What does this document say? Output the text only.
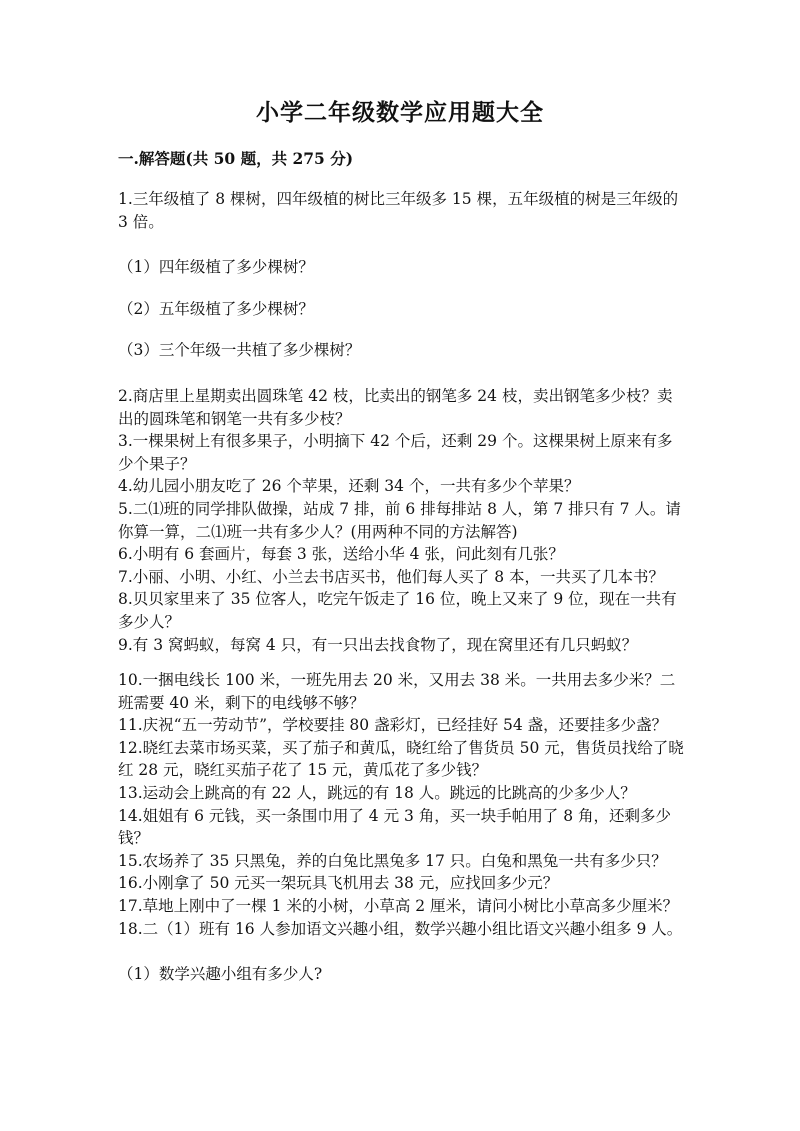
小学二年级数学应用题大全
一.解答题(共 50 题，共 275 分)

1.三年级植了 8 棵树，四年级植的树比三年级多 15 棵，五年级植的树是三年级的 3 倍。

（1）四年级植了多少棵树？

（2）五年级植了多少棵树？

（3）三个年级一共植了多少棵树？

2.商店里上星期卖出圆珠笔 42 枝，比卖出的钢笔多 24 枝，卖出钢笔多少枝？卖出的圆珠笔和钢笔一共有多少枝？

3.一棵果树上有很多果子，小明摘下 42 个后，还剩 29 个。这棵果树上原来有多少个果子？

4.幼儿园小朋友吃了 26 个苹果，还剩 34 个，一共有多少个苹果？

5.二⑴班的同学排队做操，站成 7 排，前 6 排每排站 8 人，第 7 排只有 7 人。请你算一算，二⑴班一共有多少人？(用两种不同的方法解答)

6.小明有 6 套画片，每套 3 张，送给小华 4 张，问此刻有几张？

7.小丽、小明、小红、小兰去书店买书，他们每人买了 8 本，一共买了几本书？

8.贝贝家里来了 35 位客人，吃完午饭走了 16 位，晚上又来了 9 位，现在一共有多少人？

9.有 3 窝蚂蚁，每窝 4 只，有一只出去找食物了，现在窝里还有几只蚂蚁？

10.一捆电线长 100 米，一班先用去 20 米，又用去 38 米。一共用去多少米？二班需要 40 米，剩下的电线够不够？

11.庆祝“五一劳动节”，学校要挂 80 盏彩灯，已经挂好 54 盏，还要挂多少盏？

12.晓红去菜市场买菜，买了茄子和黄瓜，晓红给了售货员 50 元，售货员找给了晓红 28 元，晓红买茄子花了 15 元，黄瓜花了多少钱？

13.运动会上跳高的有 22 人，跳远的有 18 人。跳远的比跳高的少多少人？

14.姐姐有 6 元钱，买一条围巾用了 4 元 3 角，买一块手帕用了 8 角，还剩多少钱？

15.农场养了 35 只黑兔，养的白兔比黑兔多 17 只。白兔和黑兔一共有多少只？

16.小刚拿了 50 元买一架玩具飞机用去 38 元，应找回多少元？

17.草地上刚中了一棵 1 米的小树，小草高 2 厘米，请问小树比小草高多少厘米？

18.二（1）班有 16 人参加语文兴趣小组，数学兴趣小组比语文兴趣小组多 9 人。

（1）数学兴趣小组有多少人?
